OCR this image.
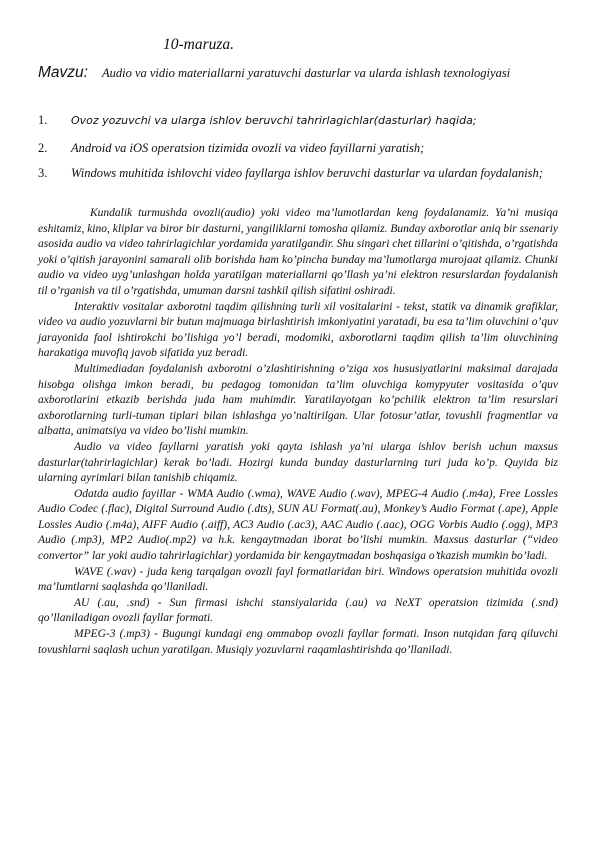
10-maruza.
Mavzu: Audio va vidio materiallarni yaratuvchi dasturlar va ularda ishlash texnologiyasi
1. Ovoz yozuvchi va ularga ishlov beruvchi tahrirlagichlar(dasturlar) haqida;
2. Android va iOS operatsion tizimida ovozli va video fayillarni yaratish;
3. Windows muhitida ishlovchi video fayllarga ishlov beruvchi dasturlar va ulardan foydalanish;

Kundalik turmushda ovozli(audio) yoki video ma’lumotlardan keng foydalanamiz. Ya’ni musiqa eshitamiz, kino, kliplar va biror bir dasturni, yangiliklarni tomosha qilamiz. Bunday axborotlar aniq bir ssenariy asosida audio va video tahrirlagichlar yordamida yaratilgandir. Shu singari chet tillarini o’qitishda, o’rgatishda yoki o’qitish jarayonini samarali olib borishda ham ko’pincha bunday ma’lumotlarga murojaat qilamiz. Chunki audio va video uyg’unlashgan holda yaratilgan materiallarni qo’llash ya’ni elektron resurslardan foydalanish til o’rganish va til o’rgatishda, umuman darsni tashkil qilish sifatini oshiradi.

Interaktiv vositalar axborotni taqdim qilishning turli xil vositalarini - tekst, statik va dinamik grafiklar, video va audio yozuvlarni bir butun majmuaga birlashtirish imkoniyatini yaratadi, bu esa ta’lim oluvchini o’quv jarayonida faol ishtirokchi bo’lishiga yo’l beradi, modomiki, axborotlarni taqdim qilish ta’lim oluvchining harakatiga muvofiq javob sifatida yuz beradi.

Multimediadan foydalanish axborotni o’zlashtirishning o’ziga xos hususiyatlarini maksimal darajada hisobga olishga imkon beradi, bu pedagog tomonidan ta’lim oluvchiga komypyuter vositasida o’quv axborotlarini etkazib berishda juda ham muhimdir. Yaratilayotgan ko’pchilik elektron ta’lim resurslari axborotlarning turli-tuman tiplari bilan ishlashga yo’naltirilgan. Ular fotosur’atlar, tovushli fragmentlar va albatta, animatsiya va video bo’lishi mumkin.

Audio va video fayllarni yaratish yoki qayta ishlash ya’ni ularga ishlov berish uchun maxsus dasturlar(tahrirlagichlar) kerak bo’ladi. Hozirgi kunda bunday dasturlarning turi juda ko’p. Quyida biz ularning ayrimlari bilan tanishib chiqamiz.

Odatda audio fayillar - WMA Audio (.wma), WAVE Audio (.wav), MPEG-4 Audio (.m4a), Free Lossles Audio Codec (.flac), Digital Surround Audio (.dts), SUN AU Format(.au), Monkey’s Audio Format (.ape), Apple Lossles Audio (.m4a), AIFF Audio (.aiff), AC3 Audio (.ac3), AAC Audio (.aac), OGG Vorbis Audio (.ogg), MP3 Audio (.mp3), MP2 Audio(.mp2) va h.k. kengaytmadan iborat bo’lishi mumkin. Maxsus dasturlar (“video convertor” lar yoki audio tahrirlagichlar) yordamida bir kengaytmadan boshqasiga o’tkazish mumkin bo’ladi.

WAVE (.wav) - juda keng tarqalgan ovozli fayl formatlaridan biri. Windows operatsion muhitida ovozli ma’lumtlarni saqlashda qo’llaniladi.

AU (.au, .snd) - Sun firmasi ishchi stansiyalarida (.au) va NeXT operatsion tizimida (.snd) qo’llaniladigan ovozli fayllar formati.

MPEG-3 (.mp3) - Bugungi kundagi eng ommabop ovozli fayllar formati. Inson nutqidan farq qiluvchi tovushlarni saqlash uchun yaratilgan. Musiqiy yozuvlarni raqamlashtirishda qo’llaniladi.
